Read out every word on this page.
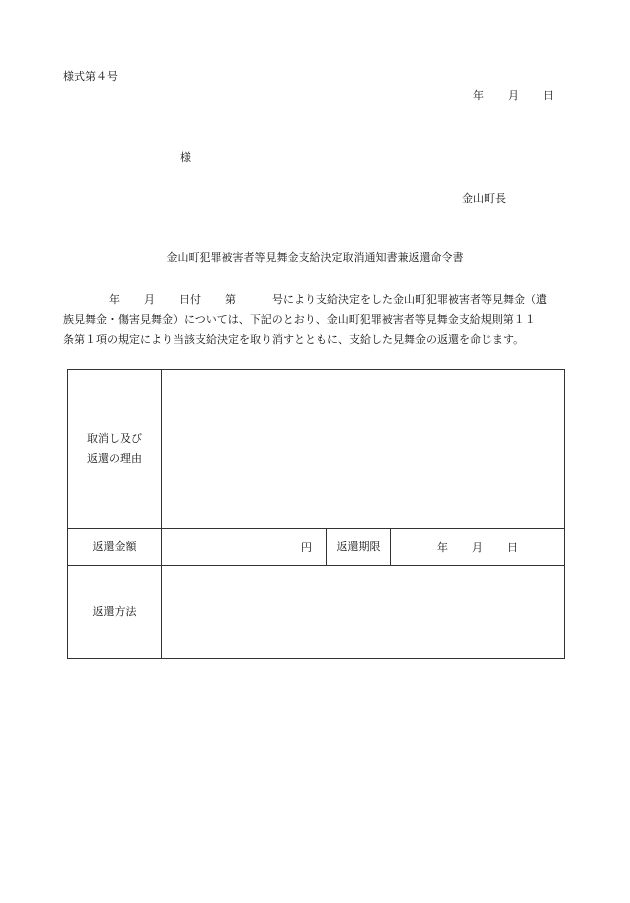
様式第４号
年 月 日
様
金山町長
金山町犯罪被害者等見舞金支給決定取消通知書兼返還命令書
年 月 日付 第	号により支給決定をした金山町犯罪被害者等見舞金（遺
族見舞金・傷害見舞金）については、下記のとおり、金山町犯罪被害者等見舞金支給規則第１１
条第１項の規定により当該支給決定を取り消すとともに、支給した見舞金の返還を命じます。
取消し及び
返還の理由			
返還金額	円	返還期限	年 月 日
返還方法			
